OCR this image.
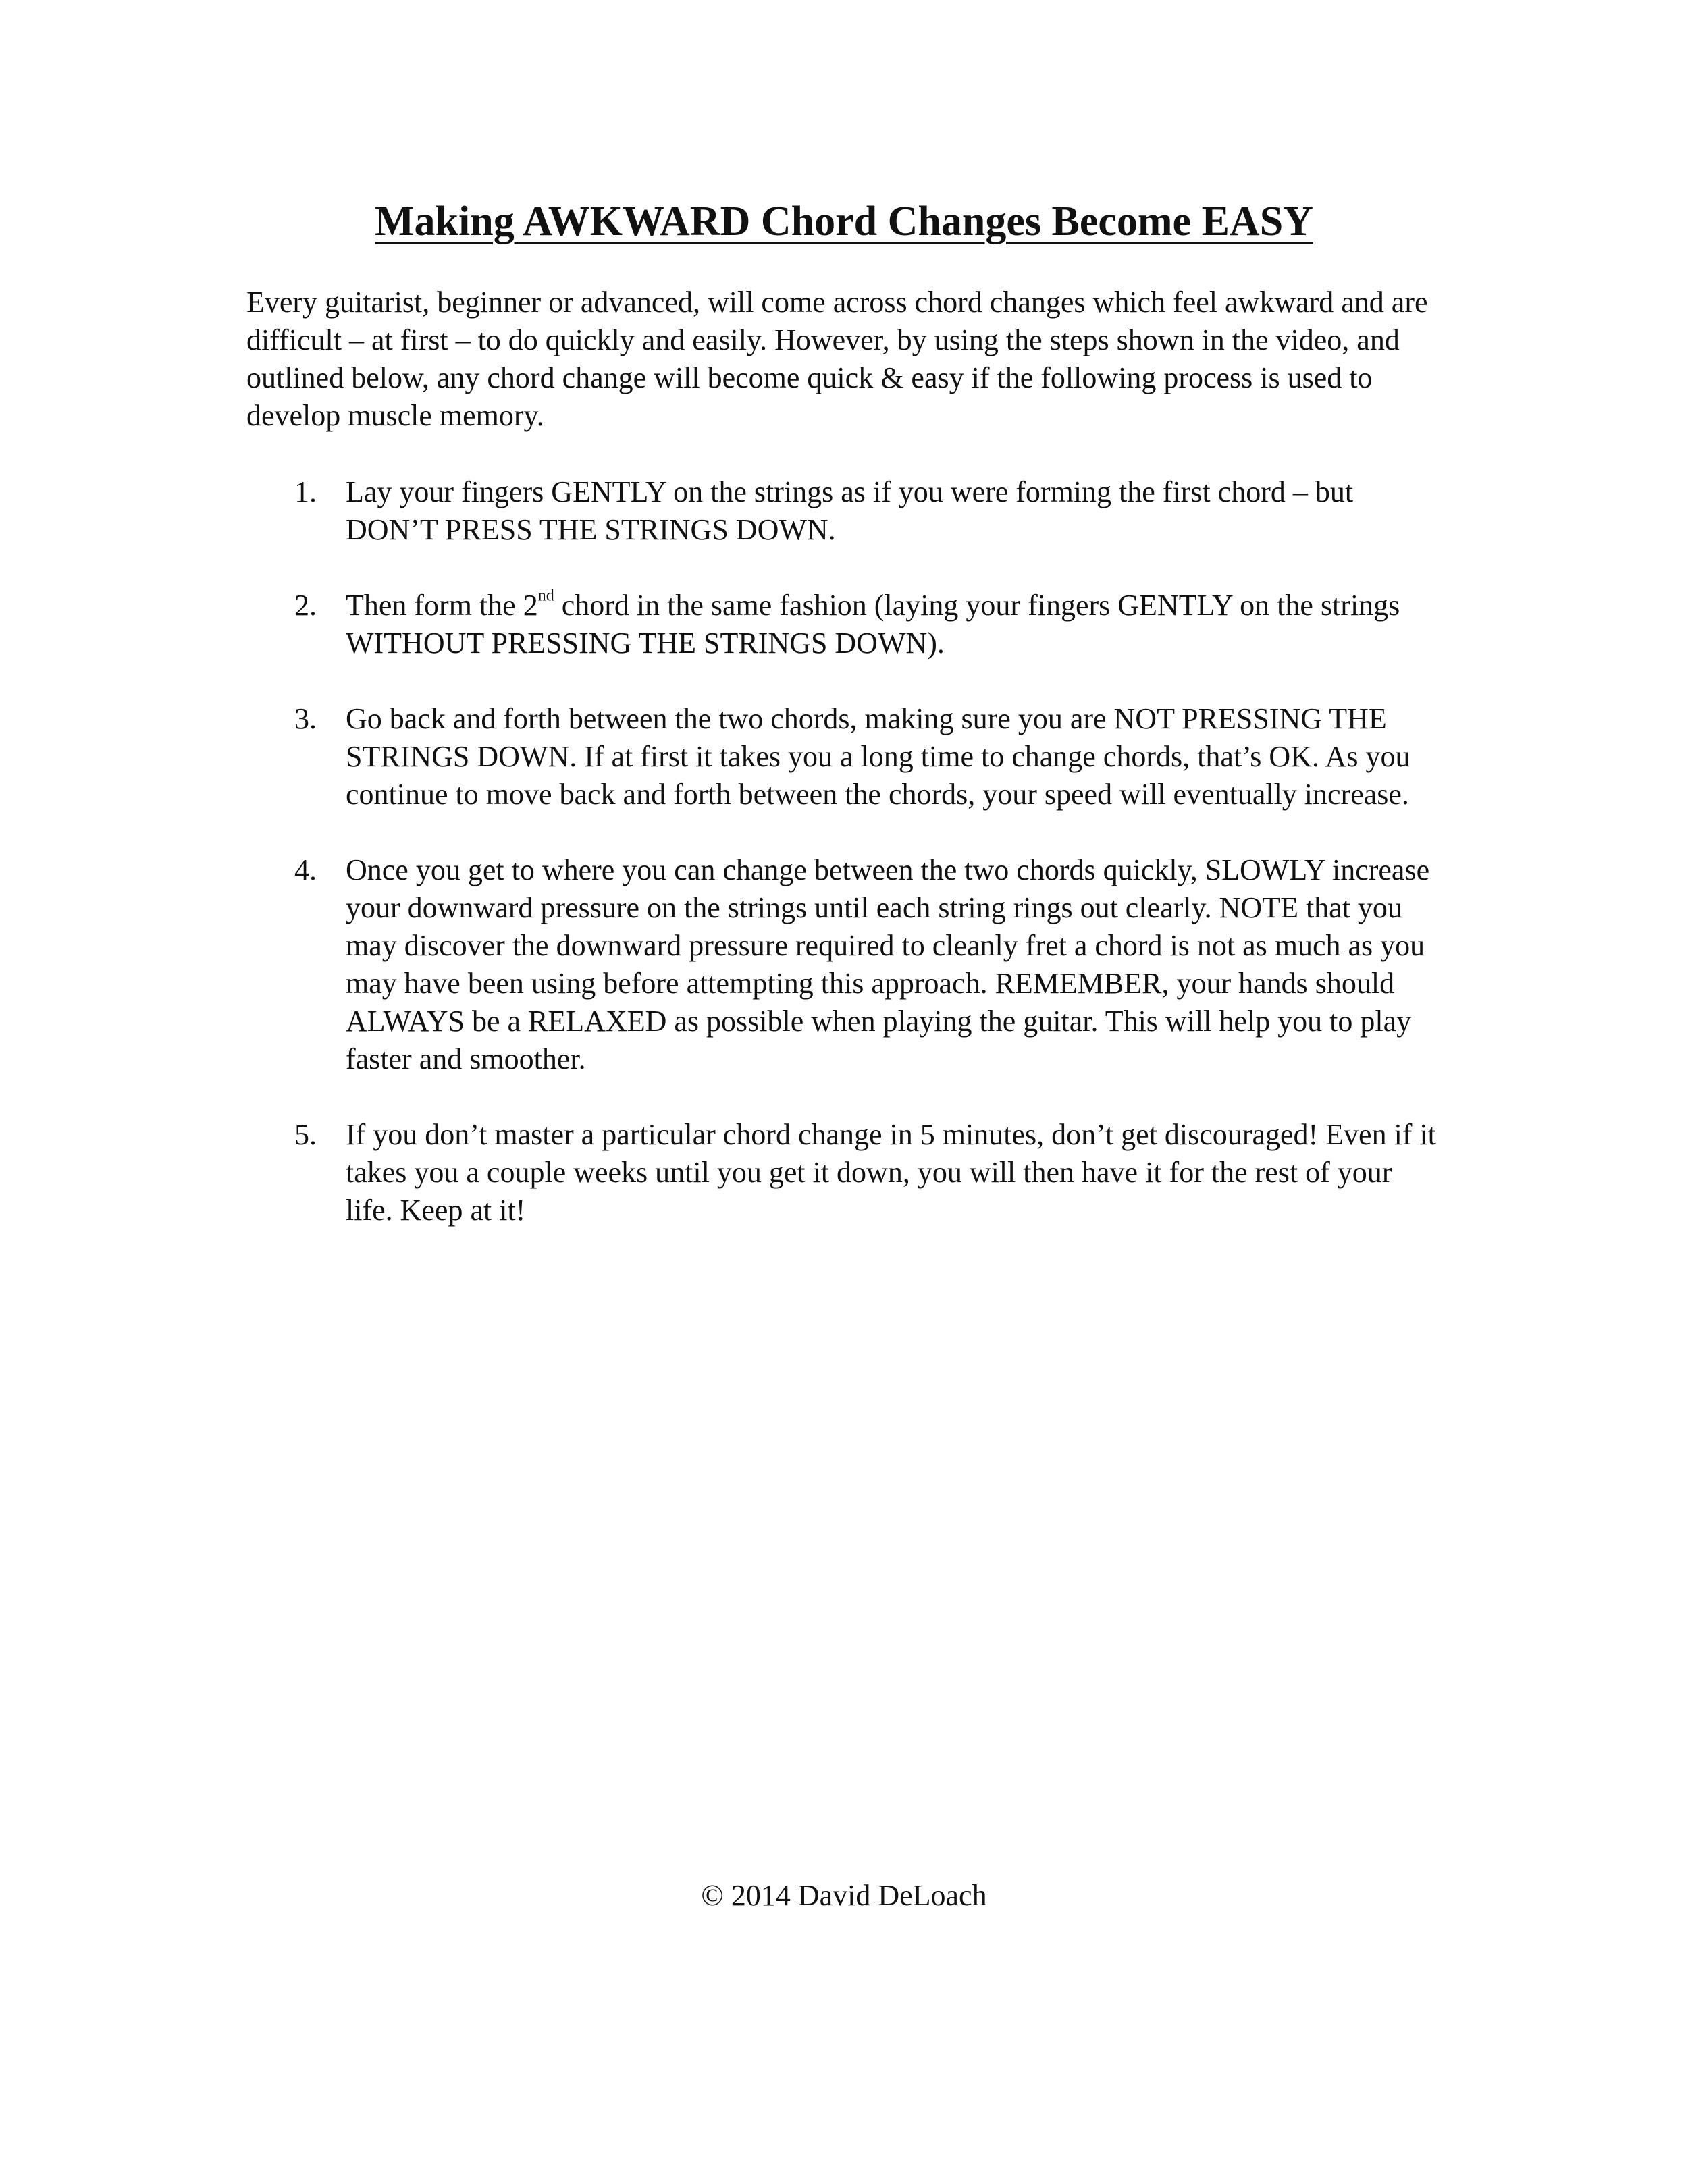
Making AWKWARD Chord Changes Become EASY

Every guitarist, beginner or advanced, will come across chord changes which feel awkward and are difficult – at first – to do quickly and easily. However, by using the steps shown in the video, and outlined below, any chord change will become quick & easy if the following process is used to develop muscle memory.

1. Lay your fingers GENTLY on the strings as if you were forming the first chord – but DON’T PRESS THE STRINGS DOWN.
2. Then form the 2nd chord in the same fashion (laying your fingers GENTLY on the strings WITHOUT PRESSING THE STRINGS DOWN).
3. Go back and forth between the two chords, making sure you are NOT PRESSING THE STRINGS DOWN. If at first it takes you a long time to change chords, that’s OK. As you continue to move back and forth between the chords, your speed will eventually increase.
4. Once you get to where you can change between the two chords quickly, SLOWLY increase your downward pressure on the strings until each string rings out clearly. NOTE that you may discover the downward pressure required to cleanly fret a chord is not as much as you may have been using before attempting this approach. REMEMBER, your hands should ALWAYS be a RELAXED as possible when playing the guitar. This will help you to play faster and smoother.
5. If you don’t master a particular chord change in 5 minutes, don’t get discouraged! Even if it takes you a couple weeks until you get it down, you will then have it for the rest of your life. Keep at it!

© 2014 David DeLoach
